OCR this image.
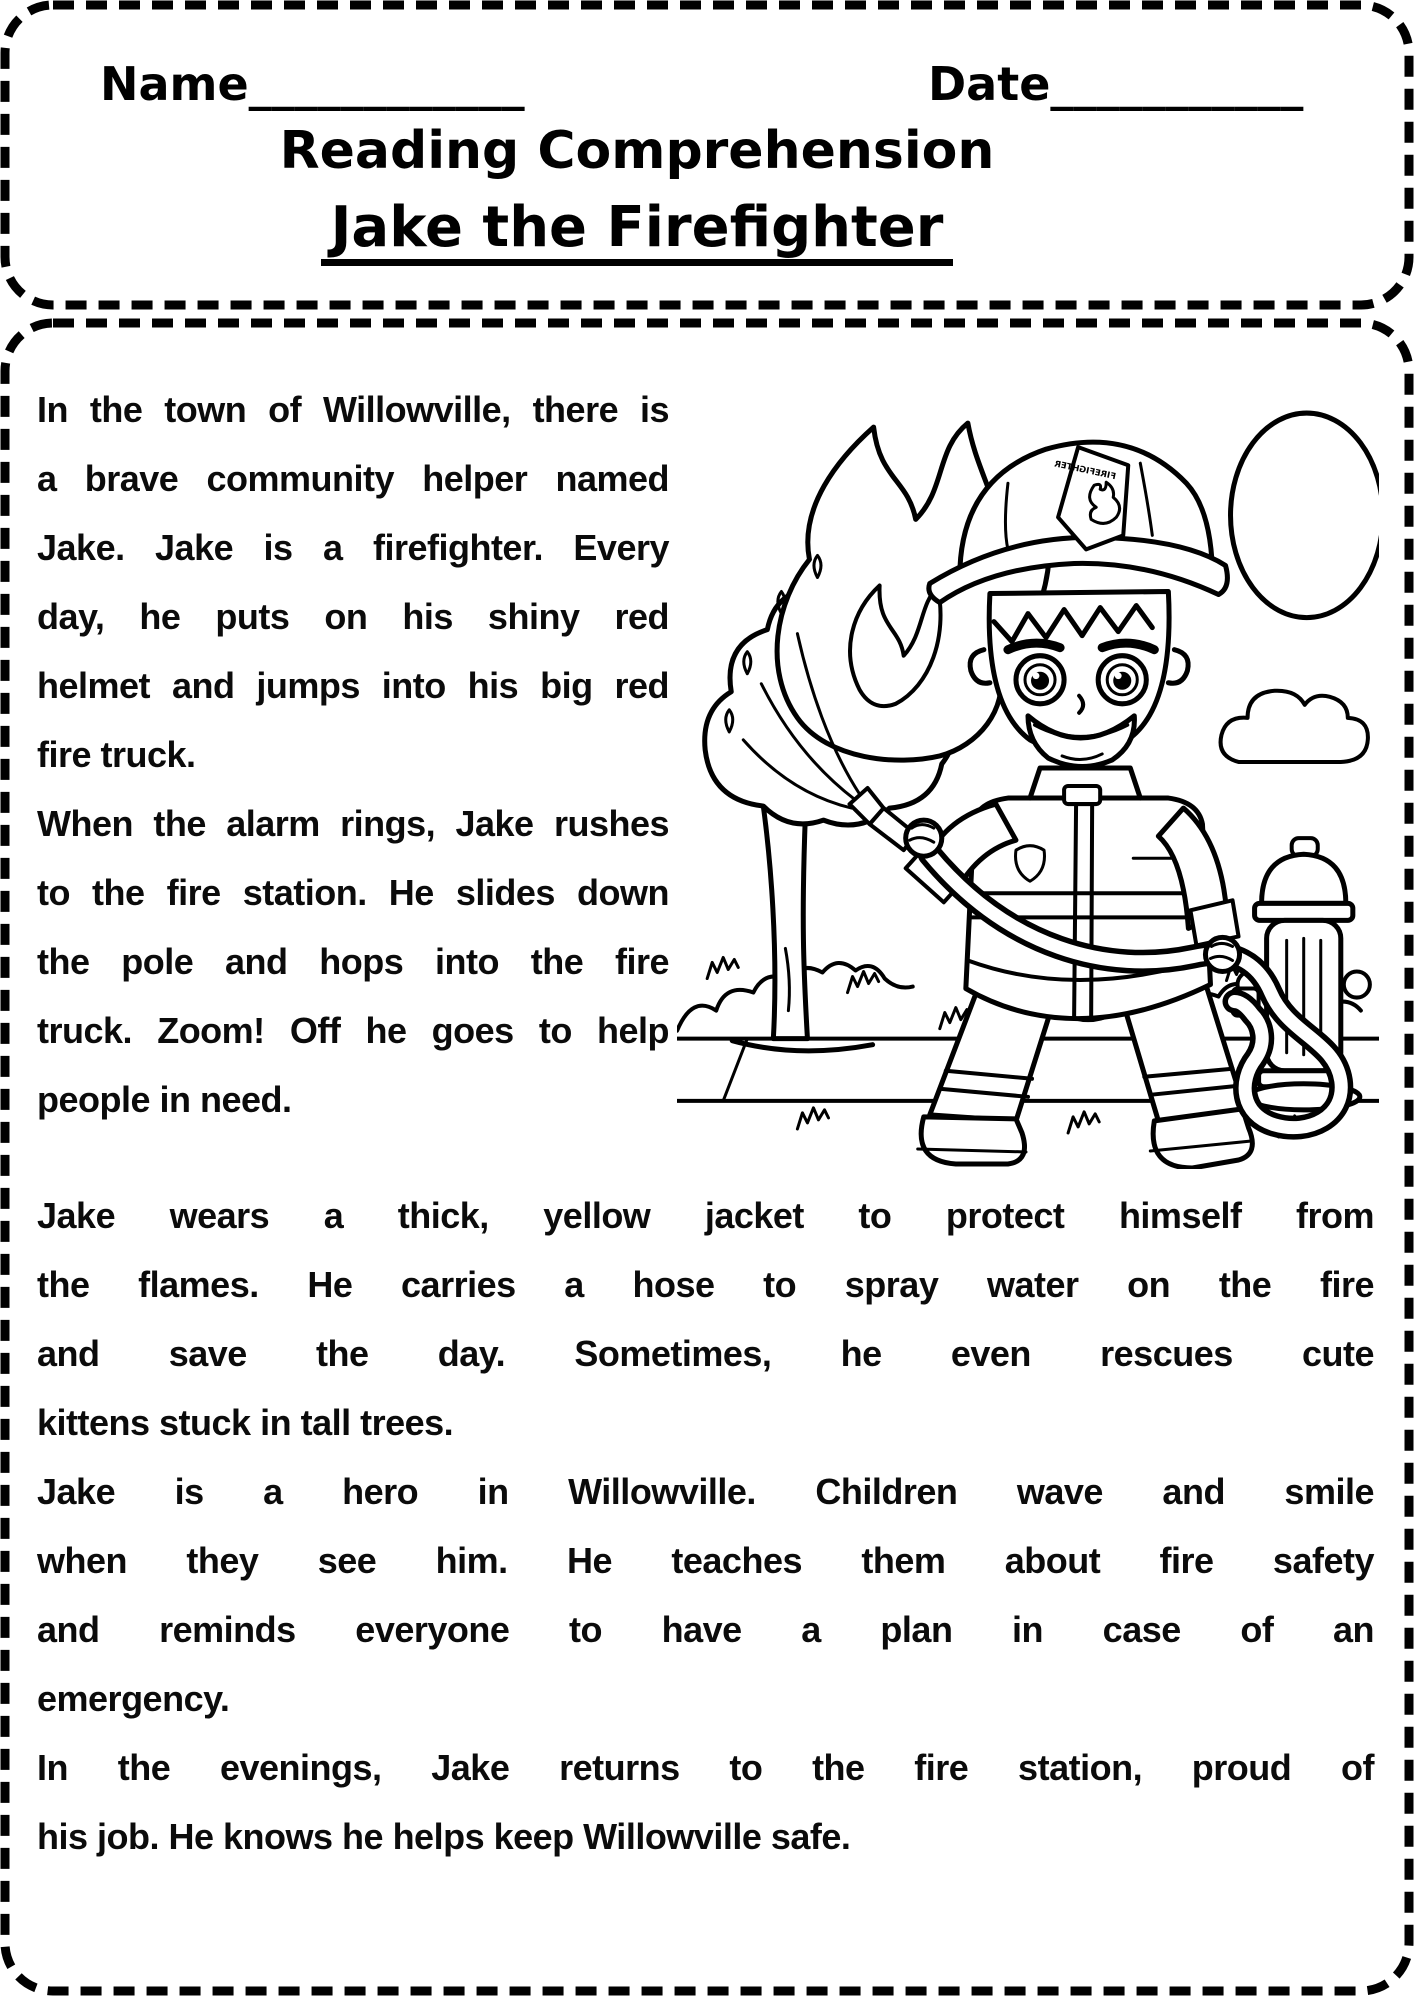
Name ____________	Date ___________
Reading Comprehension
Jake the Firefighter
In the town of Willowville, there is
a brave community helper named
Jake. Jake is a firefighter. Every
day, he puts on his shiny red
helmet and jumps into his big red
fire truck.
When the alarm rings, Jake rushes
to the fire station. He slides down
the pole and hops into the fire
truck. Zoom! Off he goes to help
people in need.
FIREFIGHTER
Jake wears a thick, yellow jacket to protect himself from
the flames. He carries a hose to spray water on the fire
and save the day. Sometimes, he even rescues cute
kittens stuck in tall trees.
Jake is a hero in Willowville. Children wave and smile
when they see him. He teaches them about fire safety
and reminds everyone to have a plan in case of an
emergency.
In the evenings, Jake returns to the fire station, proud of
his job. He knows he helps keep Willowville safe.
